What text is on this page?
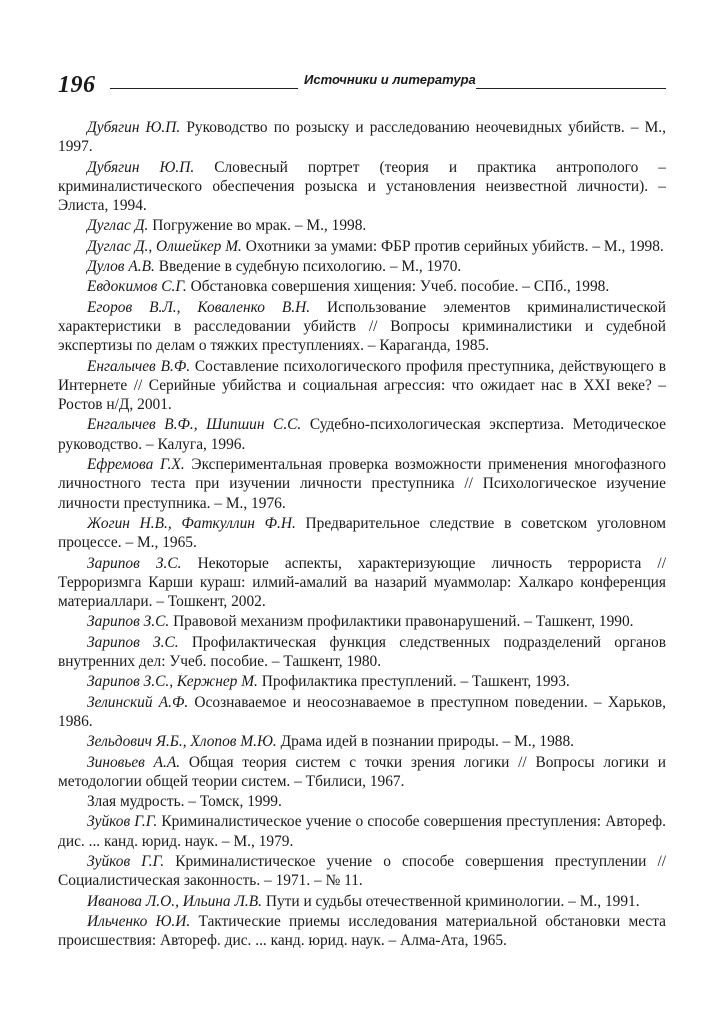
196	Источники и литература

Дубягин Ю.П. Руководство по розыску и расследованию неочевидных убийств. – М., 1997.

Дубягин Ю.П. Словесный портрет (теория и практика антрополого – криминалистического обеспечения розыска и установления неизвестной личности). – Элиста, 1994.

Дуглас Д. Погружение во мрак. – М., 1998.

Дуглас Д., Олшейкер М. Охотники за умами: ФБР против серийных убийств. – М., 1998.

Дулов А.В. Введение в судебную психологию. – М., 1970.

Евдокимов С.Г. Обстановка совершения хищения: Учеб. пособие. – СПб., 1998.

Егоров В.Л., Коваленко В.Н. Использование элементов криминалистической характеристики в расследовании убийств // Вопросы криминалистики и судебной экспертизы по делам о тяжких преступлениях. – Караганда, 1985.

Енгалычев В.Ф. Составление психологического профиля преступника, действующего в Интернете // Серийные убийства и социальная агрессия: что ожидает нас в XXI веке? – Ростов н/Д, 2001.

Енгалычев В.Ф., Шипшин С.С. Судебно-психологическая экспертиза. Методическое руководство. – Калуга, 1996.

Ефремова Г.Х. Экспериментальная проверка возможности применения многофазного личностного теста при изучении личности преступника // Психологическое изучение личности преступника. – М., 1976.

Жогин Н.В., Фаткуллин Ф.Н. Предварительное следствие в советском уголовном процессе. – М., 1965.

Зарипов З.С. Некоторые аспекты, характеризующие личность террориста // Терроризмга Карши кураш: илмий-амалий ва назарий муаммолар: Халкаро конференция материаллари. – Тошкент, 2002.

Зарипов З.С. Правовой механизм профилактики правонарушений. – Ташкент, 1990.

Зарипов З.С. Профилактическая функция следственных подразделений органов внутренних дел: Учеб. пособие. – Ташкент, 1980.

Зарипов З.С., Кержнер М. Профилактика преступлений. – Ташкент, 1993.

Зелинский А.Ф. Осознаваемое и неосознаваемое в преступном поведении. – Харьков, 1986.

Зельдович Я.Б., Хлопов М.Ю. Драма идей в познании природы. – М., 1988.

Зиновьев А.А. Общая теория систем с точки зрения логики // Вопросы логики и методологии общей теории систем. – Тбилиси, 1967.

Злая мудрость. – Томск, 1999.

Зуйков Г.Г. Криминалистическое учение о способе совершения преступления: Автореф. дис. ... канд. юрид. наук. – М., 1979.

Зуйков Г.Г. Криминалистическое учение о способе совершения преступлении // Социалистическая законность. – 1971. – № 11.

Иванова Л.О., Ильина Л.В. Пути и судьбы отечественной криминологии. – М., 1991.

Ильченко Ю.И. Тактические приемы исследования материальной обстановки места происшествия: Автореф. дис. ... канд. юрид. наук. – Алма-Ата, 1965.
